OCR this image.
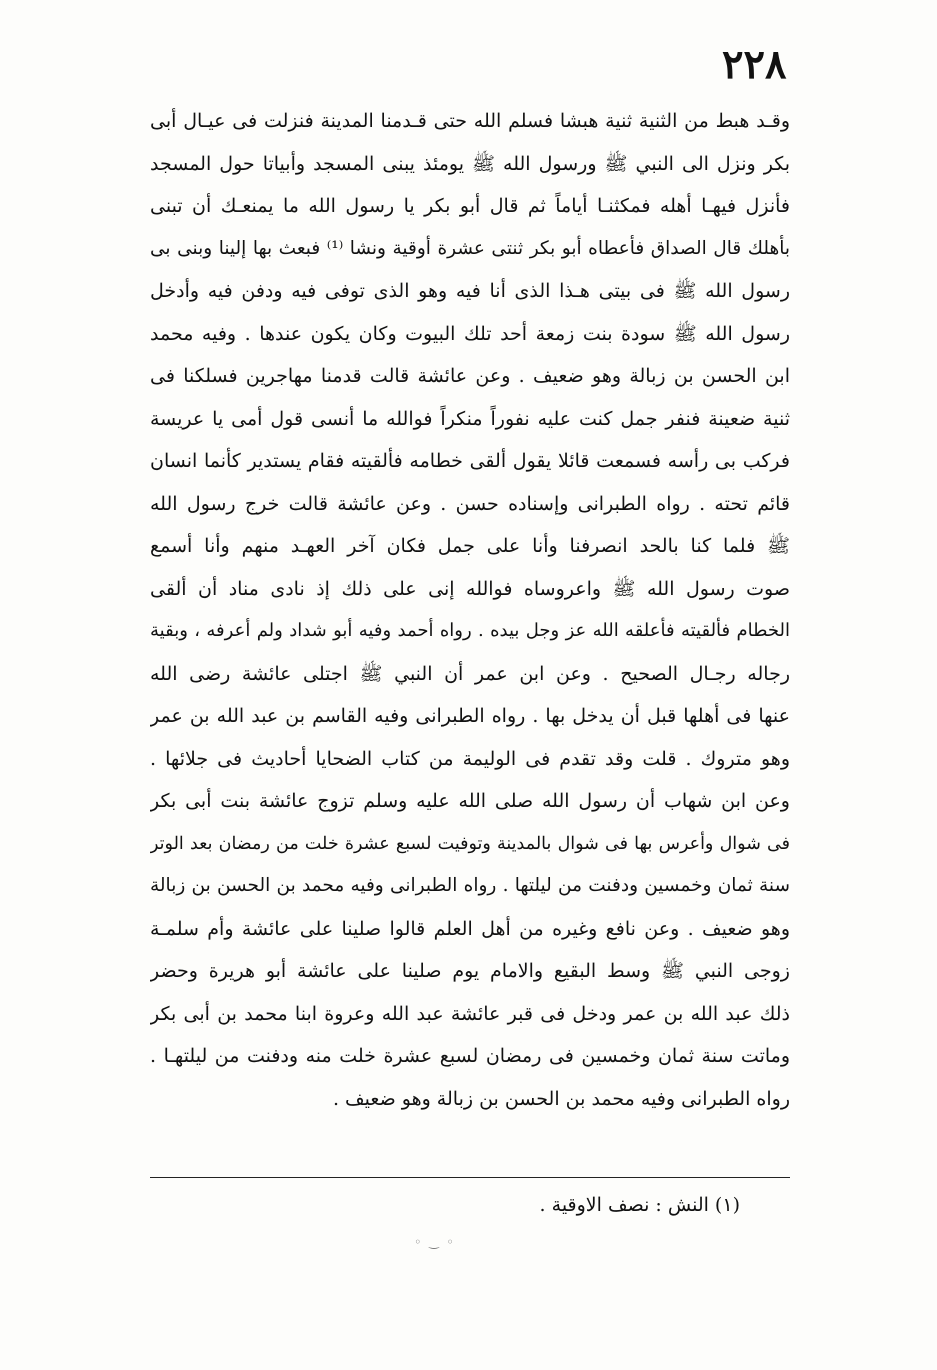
٢٢٨
وقـد هبط من الثنية ثنية هبشا فسلم الله حتى قـدمنا المدينة فنزلت فى عيـال أبى
بكر ونزل الى النبي ﷺ ورسول الله ﷺ يومئذ يبنى المسجد وأبياتا حول المسجد
فأنزل فيهـا أهله فمكثنـا أياماً ثم قال أبو بكر يا رسول الله ما يمنعـك أن تبنى
بأهلك قال الصداق فأعطاه أبو بكر ثنتى عشرة أوقية ونشا ⁽¹⁾ فبعث بها إلينا وبنى بى
رسول الله ﷺ فى بيتى هـذا الذى أنا فيه وهو الذى توفى فيه ودفن فيه وأدخل
رسول الله ﷺ سودة بنت زمعة أحد تلك البيوت وكان يكون عندها . وفيه محمد
ابن الحسن بن زبالة وهو ضعيف . وعن عائشة قالت قدمنا مهاجرين فسلكنا فى
ثنية ضعينة فنفر جمل كنت عليه نفوراً منكراً فوالله ما أنسى قول أمى يا عريسة
فركب بى رأسه فسمعت قائلا يقول ألقى خطامه فألقيته فقام يستدير كأنما انسان
قائم تحته . رواه الطبرانى وإسناده حسن . وعن عائشة قالت خرج رسول الله
ﷺ فلما كنا بالحد انصرفنا وأنا على جمل فكان آخر العهـد منهم وأنا أسمع
صوت رسول الله ﷺ واعروساه فوالله إنى على ذلك إذ نادى مناد أن ألقى
الخطام فألقيته فأعلقه الله عز وجل بيده . رواه أحمد وفيه أبو شداد ولم أعرفه ، وبقية
رجاله رجـال الصحيح . وعن ابن عمر أن النبي ﷺ اجتلى عائشة رضى الله
عنها فى أهلها قبل أن يدخل بها . رواه الطبرانى وفيه القاسم بن عبد الله بن عمر
وهو متروك . قلت وقد تقدم فى الوليمة من كتاب الضحايا أحاديث فى جلائها .
وعن ابن شهاب أن رسول الله صلى الله عليه وسلم تزوج عائشة بنت أبى بكر
فى شوال وأعرس بها فى شوال بالمدينة وتوفيت لسبع عشرة خلت من رمضان بعد الوتر
سنة ثمان وخمسين ودفنت من ليلتها . رواه الطبرانى وفيه محمد بن الحسن بن زبالة
وهو ضعيف . وعن نافع وغيره من أهل العلم قالوا صلينا على عائشة وأم سلمـة
زوجى النبي ﷺ وسط البقيع والامام يوم صلينا على عائشة أبو هريرة وحضر
ذلك عبد الله بن عمر ودخل فى قبر عائشة عبد الله وعروة ابنا محمد بن أبى بكر
وماتت سنة ثمان وخمسين فى رمضان لسبع عشرة خلت منه ودفنت من ليلتهـا .
رواه الطبرانى وفيه محمد بن الحسن بن زبالة وهو ضعيف .
(١) النش : نصف الاوقية .
◦ ‿ ◦
